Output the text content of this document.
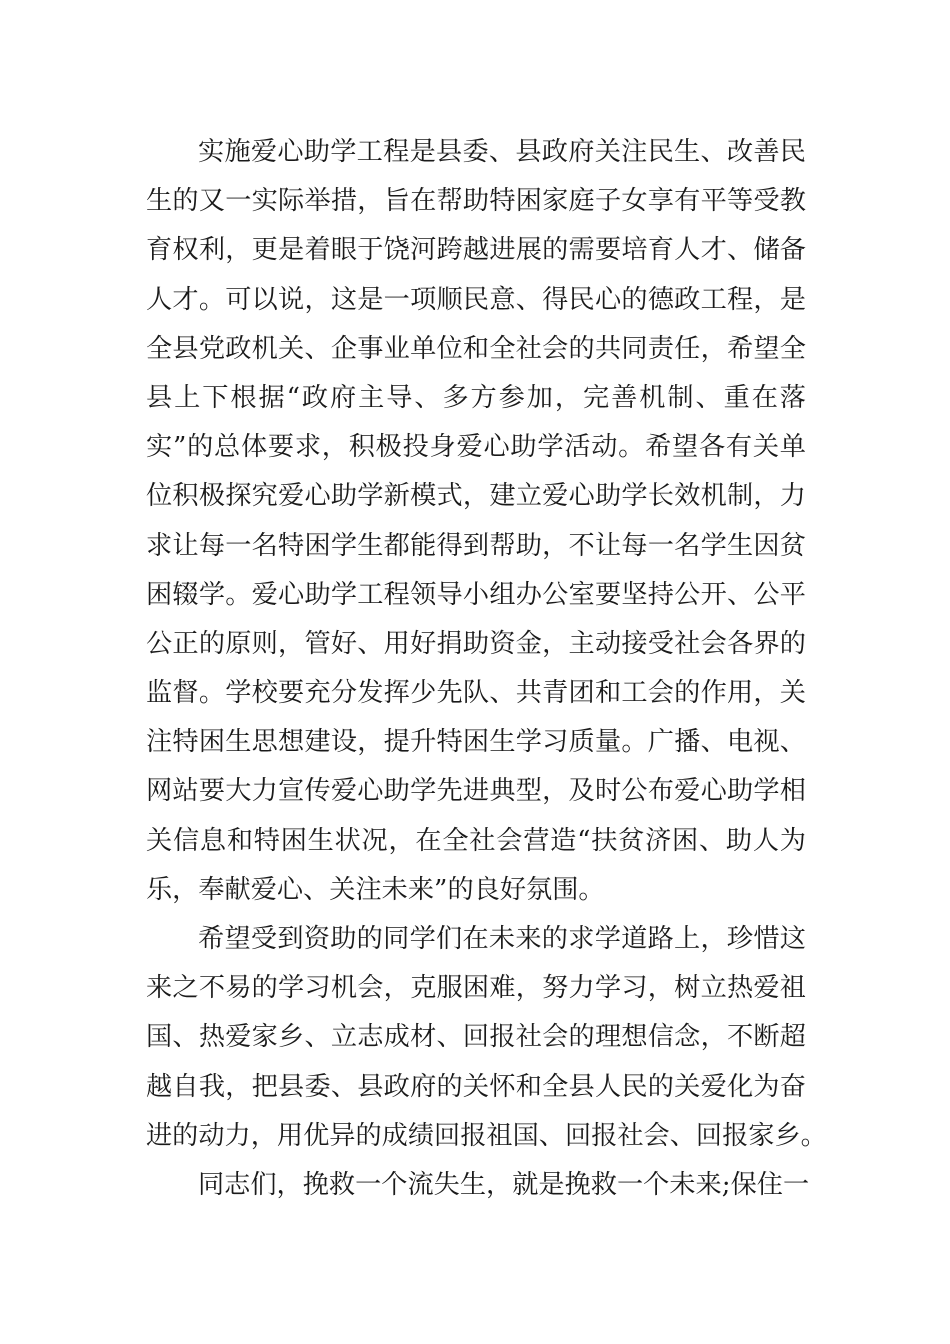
实施爱心助学工程是县委、县政府关注民生、改善民
生的又一实际举措，旨在帮助特困家庭子女享有平等受教
育权利，更是着眼于饶河跨越进展的需要培育人才、储备
人才。可以说，这是一项顺民意、得民心的德政工程，是
全县党政机关、企事业单位和全社会的共同责任，希望全
县上下根据“政府主导、多方参加，完善机制、重在落
实”的总体要求，积极投身爱心助学活动。希望各有关单
位积极探究爱心助学新模式，建立爱心助学长效机制，力
求让每一名特困学生都能得到帮助，不让每一名学生因贫
困辍学。爱心助学工程领导小组办公室要坚持公开、公平
公正的原则，管好、用好捐助资金，主动接受社会各界的
监督。学校要充分发挥少先队、共青团和工会的作用，关
注特困生思想建设，提升特困生学习质量。广播、电视、
网站要大力宣传爱心助学先进典型，及时公布爱心助学相
关信息和特困生状况，在全社会营造“扶贫济困、助人为
乐，奉献爱心、关注未来”的良好氛围。
希望受到资助的同学们在未来的求学道路上，珍惜这
来之不易的学习机会，克服困难，努力学习，树立热爱祖
国、热爱家乡、立志成材、回报社会的理想信念，不断超
越自我，把县委、县政府的关怀和全县人民的关爱化为奋
进的动力，用优异的成绩回报祖国、回报社会、回报家乡。
同志们，挽救一个流失生，就是挽救一个未来;保住一
